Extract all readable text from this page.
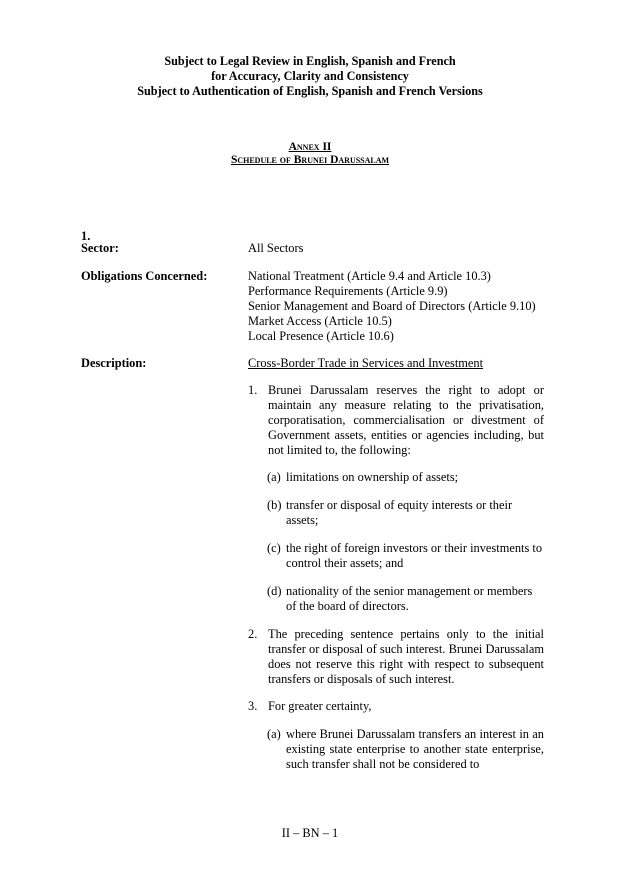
Subject to Legal Review in English, Spanish and French
for Accuracy, Clarity and Consistency
Subject to Authentication of English, Spanish and French Versions
Annex II
Schedule of Brunei Darussalam
1.
Sector:	All Sectors
Obligations Concerned:	National Treatment (Article 9.4 and Article 10.3)
Performance Requirements (Article 9.9)
Senior Management and Board of Directors (Article 9.10)
Market Access (Article 10.5)
Local Presence (Article 10.6)
Description:	Cross-Border Trade in Services and Investment
1. Brunei Darussalam reserves the right to adopt or maintain any measure relating to the privatisation, corporatisation, commercialisation or divestment of Government assets, entities or agencies including, but not limited to, the following:
(a) limitations on ownership of assets;
(b) transfer or disposal of equity interests or their assets;
(c) the right of foreign investors or their investments to control their assets; and
(d) nationality of the senior management or members of the board of directors.
2. The preceding sentence pertains only to the initial transfer or disposal of such interest. Brunei Darussalam does not reserve this right with respect to subsequent transfers or disposals of such interest.
3. For greater certainty,
(a) where Brunei Darussalam transfers an interest in an existing state enterprise to another state enterprise, such transfer shall not be considered to
II – BN – 1
